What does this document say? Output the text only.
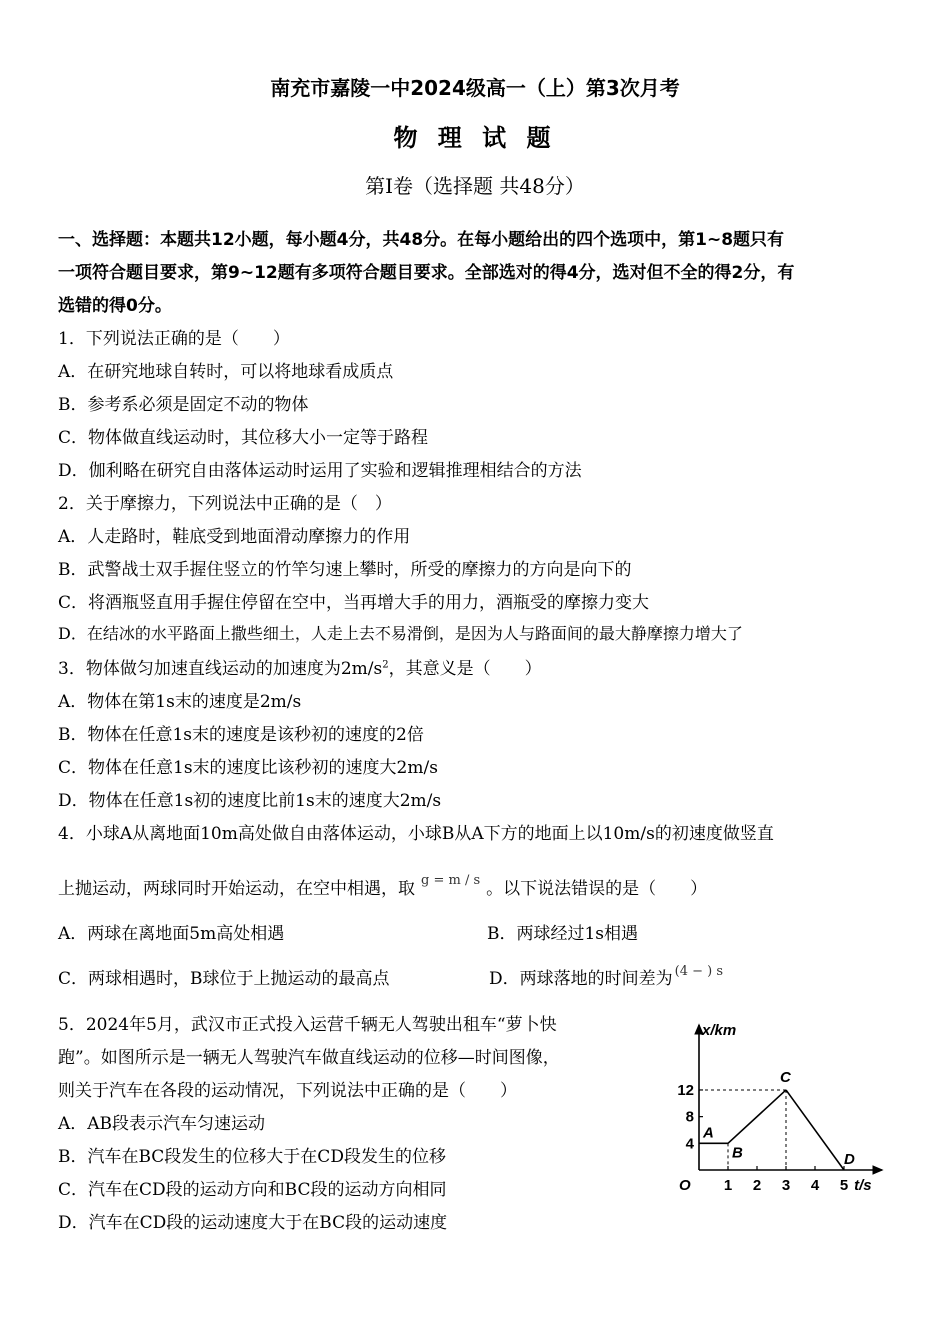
南充市嘉陵一中2024级高一（上）第3次月考
物 理 试 题
第Ⅰ卷（选择题 共48分）
一、选择题：本题共12小题，每小题4分，共48分。在每小题给出的四个选项中，第1~8题只有
一项符合题目要求，第9~12题有多项符合题目要求。全部选对的得4分，选对但不全的得2分，有
选错的得0分。
1．下列说法正确的是（　　）
A．在研究地球自转时，可以将地球看成质点
B．参考系必须是固定不动的物体
C．物体做直线运动时，其位移大小一定等于路程
D．伽利略在研究自由落体运动时运用了实验和逻辑推理相结合的方法
2．关于摩擦力，下列说法中正确的是（　）
A．人走路时，鞋底受到地面滑动摩擦力的作用
B．武警战士双手握住竖立的竹竿匀速上攀时，所受的摩擦力的方向是向下的
C．将酒瓶竖直用手握住停留在空中，当再增大手的用力，酒瓶受的摩擦力变大
D．在结冰的水平路面上撒些细土，人走上去不易滑倒，是因为人与路面间的最大静摩擦力增大了
3．物体做匀加速直线运动的加速度为$2m/s^2$，其意义是（　　）
A．物体在第1s末的速度是2m/s
B．物体在任意1s末的速度是该秒初的速度的2倍
C．物体在任意1s末的速度比该秒初的速度大2m/s
D．物体在任意1s初的速度比前1s末的速度大2m/s
4．小球A从离地面10m高处做自由落体运动，小球B从A下方的地面上以10m/s的初速度做竖直
上抛运动，两球同时开始运动，在空中相遇，取 $^{g = m / s}$ 。以下说法错误的是（　　）
A．两球在离地面5m高处相遇	B．两球经过1s相遇
C．两球相遇时，B球位于上抛运动的最高点	D．两球落地的时间差为 $^{(4 - ) s}$
5．2024年5月，武汉市正式投入运营千辆无人驾驶出租车“萝卜快
跑”。如图所示是一辆无人驾驶汽车做直线运动的位移—时间图像，
则关于汽车在各段的运动情况，下列说法中正确的是（　　）
A．AB段表示汽车匀速运动
B．汽车在BC段发生的位移大于在CD段发生的位移
C．汽车在CD段的运动方向和BC段的运动方向相同
D．汽车在CD段的运动速度大于在BC段的运动速度
x/km
t/s
O 1 2 3 4 5
4
8
12
A
B
C
D
